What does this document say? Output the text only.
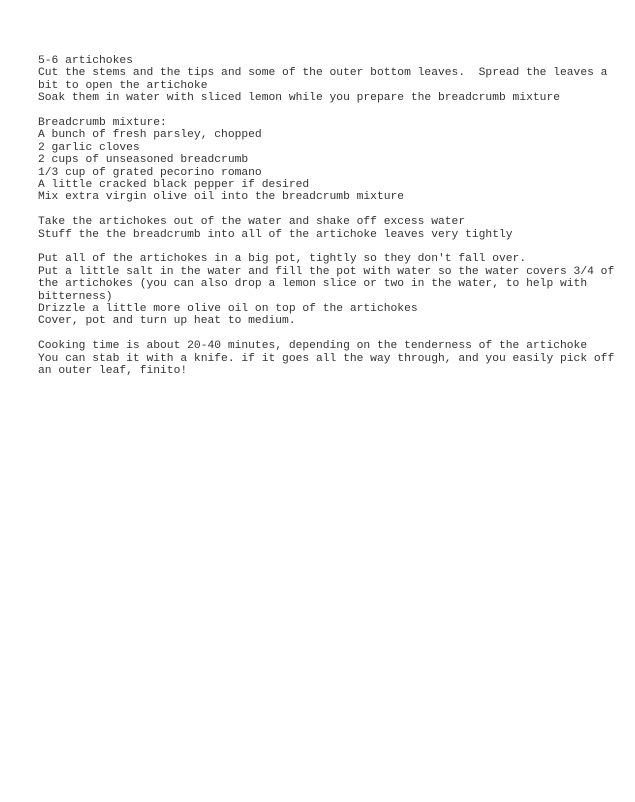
5-6 artichokes
Cut the stems and the tips and some of the outer bottom leaves.  Spread the leaves a
bit to open the artichoke
Soak them in water with sliced lemon while you prepare the breadcrumb mixture
Breadcrumb mixture:
A bunch of fresh parsley, chopped
2 garlic cloves
2 cups of unseasoned breadcrumb
1/3 cup of grated pecorino romano
A little cracked black pepper if desired
Mix extra virgin olive oil into the breadcrumb mixture
Take the artichokes out of the water and shake off excess water
Stuff the the breadcrumb into all of the artichoke leaves very tightly
Put all of the artichokes in a big pot, tightly so they don't fall over.
Put a little salt in the water and fill the pot with water so the water covers 3/4 of
the artichokes (you can also drop a lemon slice or two in the water, to help with
bitterness)
Drizzle a little more olive oil on top of the artichokes
Cover, pot and turn up heat to medium.
Cooking time is about 20-40 minutes, depending on the tenderness of the artichoke
You can stab it with a knife. if it goes all the way through, and you easily pick off
an outer leaf, finito!
